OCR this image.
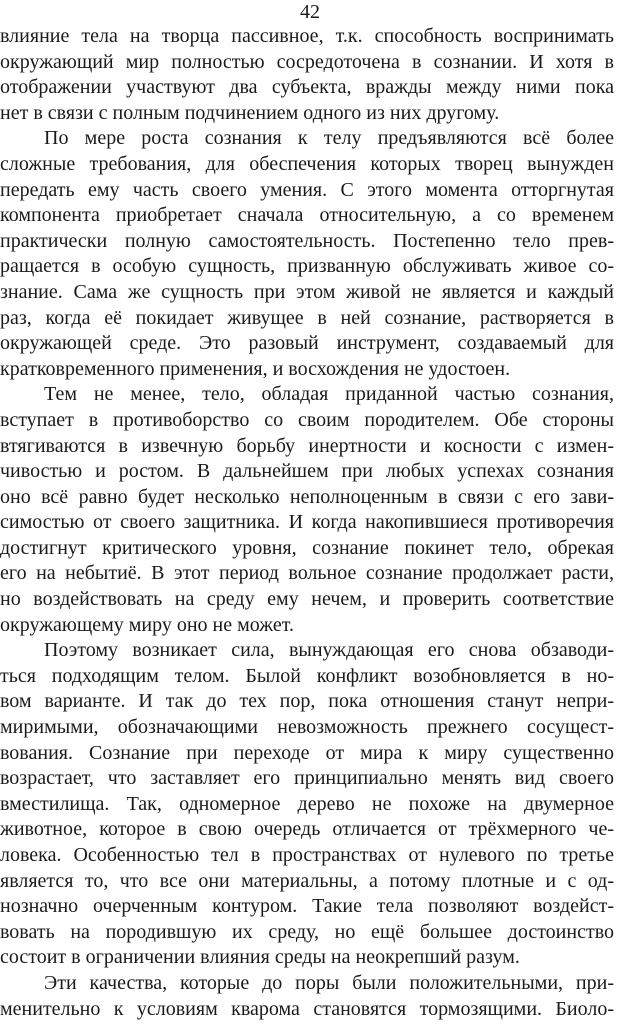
42
влияние тела на творца пассивное, т.к. способность воспринимать
окружающий мир полностью сосредоточена в сознании. И хотя в
отображении участвуют два субъекта, вражды между ними пока
нет в связи с полным подчинением одного из них другому.
По мере роста сознания к телу предъявляются всё более
сложные требования, для обеспечения которых творец вынужден
передать ему часть своего умения. С этого момента отторгнутая
компонента приобретает сначала относительную, а со временем
практически полную самостоятельность. Постепенно тело прев-
ращается в особую сущность, призванную обслуживать живое со-
знание. Сама же сущность при этом живой не является и каждый
раз, когда её покидает живущее в ней сознание, растворяется в
окружающей среде. Это разовый инструмент, создаваемый для
кратковременного применения, и восхождения не удостоен.
Тем не менее, тело, обладая приданной частью сознания,
вступает в противоборство со своим породителем. Обе стороны
втягиваются в извечную борьбу инертности и косности с измен-
чивостью и ростом. В дальнейшем при любых успехах сознания
оно всё равно будет несколько неполноценным в связи с его зави-
симостью от своего защитника. И когда накопившиеся противоречия
достигнут критического уровня, сознание покинет тело, обрекая
его на небытиё. В этот период вольное сознание продолжает расти,
но воздействовать на среду ему нечем, и проверить соответствие
окружающему миру оно не может.
Поэтому возникает сила, вынуждающая его снова обзаводи-
ться подходящим телом. Былой конфликт возобновляется в но-
вом варианте. И так до тех пор, пока отношения станут непри-
миримыми, обозначающими невозможность прежнего сосущест-
вования. Сознание при переходе от мира к миру существенно
возрастает, что заставляет его принципиально менять вид своего
вместилища. Так, одномерное дерево не похоже на двумерное
животное, которое в свою очередь отличается от трёхмерного че-
ловека. Особенностью тел в пространствах от нулевого по третье
является то, что все они материальны, а потому плотные и с од-
нозначно очерченным контуром. Такие тела позволяют воздейст-
вовать на породившую их среду, но ещё большее достоинство
состоит в ограничении влияния среды на неокрепший разум.
Эти качества, которые до поры были положительными, при-
менительно к условиям кварома становятся тормозящими. Биоло-
